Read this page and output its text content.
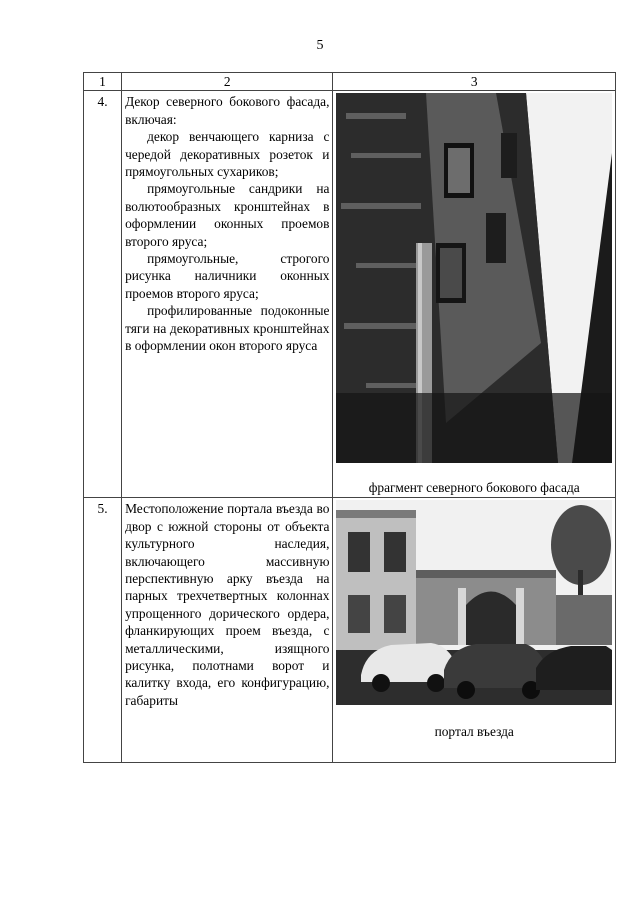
5
1	2	3
4.	Декор северного бокового фасада, включая:

декор венчающего карниза с чередой декоративных розеток и прямоугольных сухариков;

прямоугольные сандрики на волютообразных кронштейнах в оформлении оконных проемов второго яруса;

прямоугольные, строгого рисунка наличники оконных проемов второго яруса;

профилированные подоконные тяги на декоративных кронштейнах в оформлении окон второго яруса	фрагмент северного бокового фасада

5.	Местоположение портала въезда во двор с южной стороны от объекта культурного наследия, включающего массивную перспективную арку въезда на парных трехчетвертных колоннах упрощенного дорического ордера, фланкирующих проем въезда, с металлическими, изящного рисунка, полотнами ворот и калитку входа, его конфигурацию, габариты	портал въезда
